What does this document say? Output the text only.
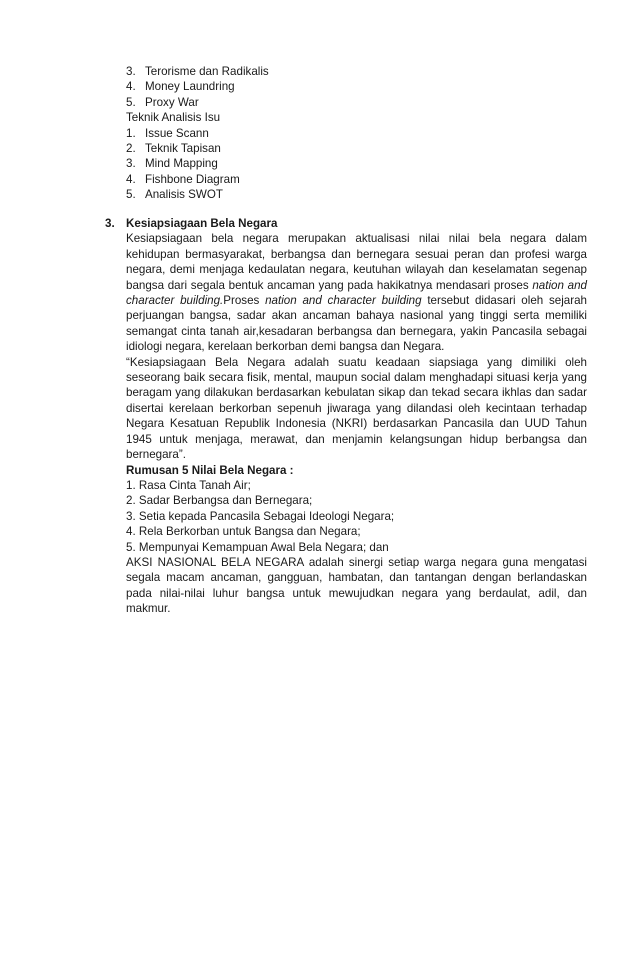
3. Terorisme dan Radikalis
4. Money Laundring
5. Proxy War
Teknik Analisis Isu
1. Issue Scann
2. Teknik Tapisan
3. Mind Mapping
4. Fishbone Diagram
5. Analisis SWOT
3. Kesiapsiagaan Bela Negara

Kesiapsiagaan bela negara merupakan aktualisasi nilai nilai bela negara dalam kehidupan bermasyarakat, berbangsa dan bernegara sesuai peran dan profesi warga negara, demi menjaga kedaulatan negara, keutuhan wilayah dan keselamatan segenap bangsa dari segala bentuk ancaman yang pada hakikatnya mendasari proses nation and character building.Proses nation and character building tersebut didasari oleh sejarah perjuangan bangsa, sadar akan ancaman bahaya nasional yang tinggi serta memiliki semangat cinta tanah air,kesadaran berbangsa dan bernegara, yakin Pancasila sebagai idiologi negara, kerelaan berkorban demi bangsa dan Negara.

“Kesiapsiagaan Bela Negara adalah suatu keadaan siapsiaga yang dimiliki oleh seseorang baik secara fisik, mental, maupun social dalam menghadapi situasi kerja yang beragam yang dilakukan berdasarkan kebulatan sikap dan tekad secara ikhlas dan sadar disertai kerelaan berkorban sepenuh jiwaraga yang dilandasi oleh kecintaan terhadap Negara Kesatuan Republik Indonesia (NKRI) berdasarkan Pancasila dan UUD Tahun 1945 untuk menjaga, merawat, dan menjamin kelangsungan hidup berbangsa dan bernegara”.

Rumusan 5 Nilai Bela Negara :
1. Rasa Cinta Tanah Air;
2. Sadar Berbangsa dan Bernegara;
3. Setia kepada Pancasila Sebagai Ideologi Negara;
4. Rela Berkorban untuk Bangsa dan Negara;
5. Mempunyai Kemampuan Awal Bela Negara; dan

AKSI NASIONAL BELA NEGARA adalah sinergi setiap warga negara guna mengatasi segala macam ancaman, gangguan, hambatan, dan tantangan dengan berlandaskan pada nilai-nilai luhur bangsa untuk mewujudkan negara yang berdaulat, adil, dan makmur.
